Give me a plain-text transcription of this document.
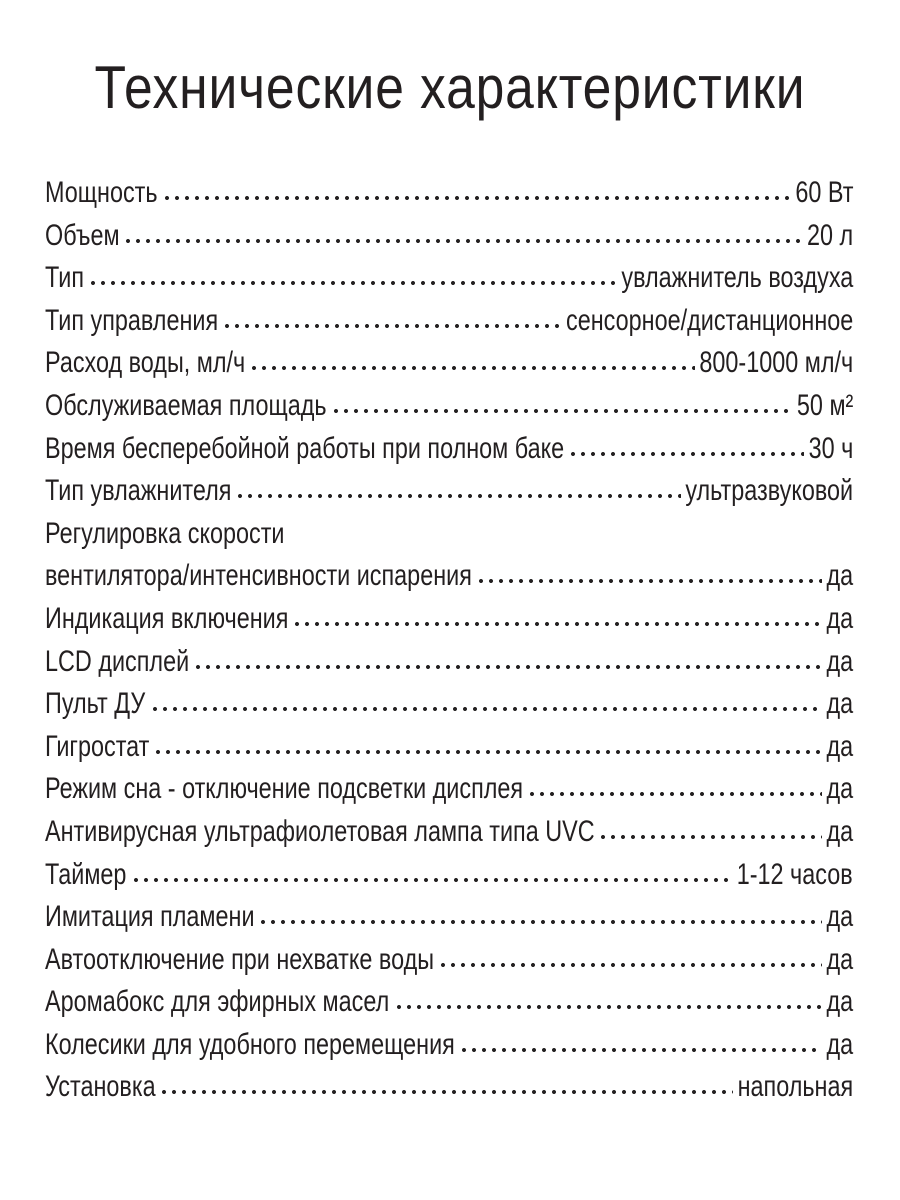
Технические характеристики
Мощность	60 Вт
Объем	20 л
Тип	увлажнитель воздуха
Тип управления	сенсорное/дистанционное
Расход воды, мл/ч	800-1000 мл/ч
Обслуживаемая площадь	50 м²
Время бесперебойной работы при полном баке	30 ч
Тип увлажнителя	ультразвуковой
Регулировка скорости
вентилятора/интенсивности испарения	да
Индикация включения	да
LCD дисплей	да
Пульт ДУ	да
Гигростат	да
Режим сна - отключение подсветки дисплея	да
Антивирусная ультрафиолетовая лампа типа UVC	да
Таймер	1-12 часов
Имитация пламени	да
Автоотключение при нехватке воды	да
Аромабокс для эфирных масел	да
Колесики для удобного перемещения	да
Установка	напольная
